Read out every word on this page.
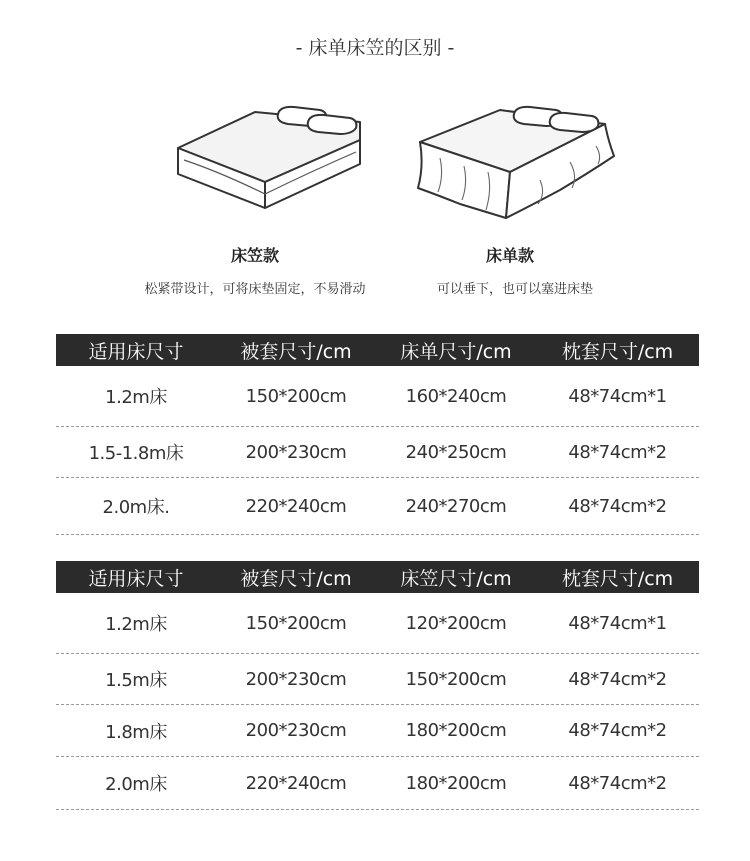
- 床单床笠的区别 -
床笠款
松紧带设计，可将床垫固定，不易滑动
床单款
可以垂下，也可以塞进床垫
适用床尺寸	被套尺寸/cm	床单尺寸/cm	枕套尺寸/cm
1.2m床	150*200cm	160*240cm	48*74cm*1
1.5-1.8m床	200*230cm	240*250cm	48*74cm*2
2.0m床.	220*240cm	240*270cm	48*74cm*2
适用床尺寸	被套尺寸/cm	床笠尺寸/cm	枕套尺寸/cm
1.2m床	150*200cm	120*200cm	48*74cm*1
1.5m床	200*230cm	150*200cm	48*74cm*2
1.8m床	200*230cm	180*200cm	48*74cm*2
2.0m床	220*240cm	180*200cm	48*74cm*2
